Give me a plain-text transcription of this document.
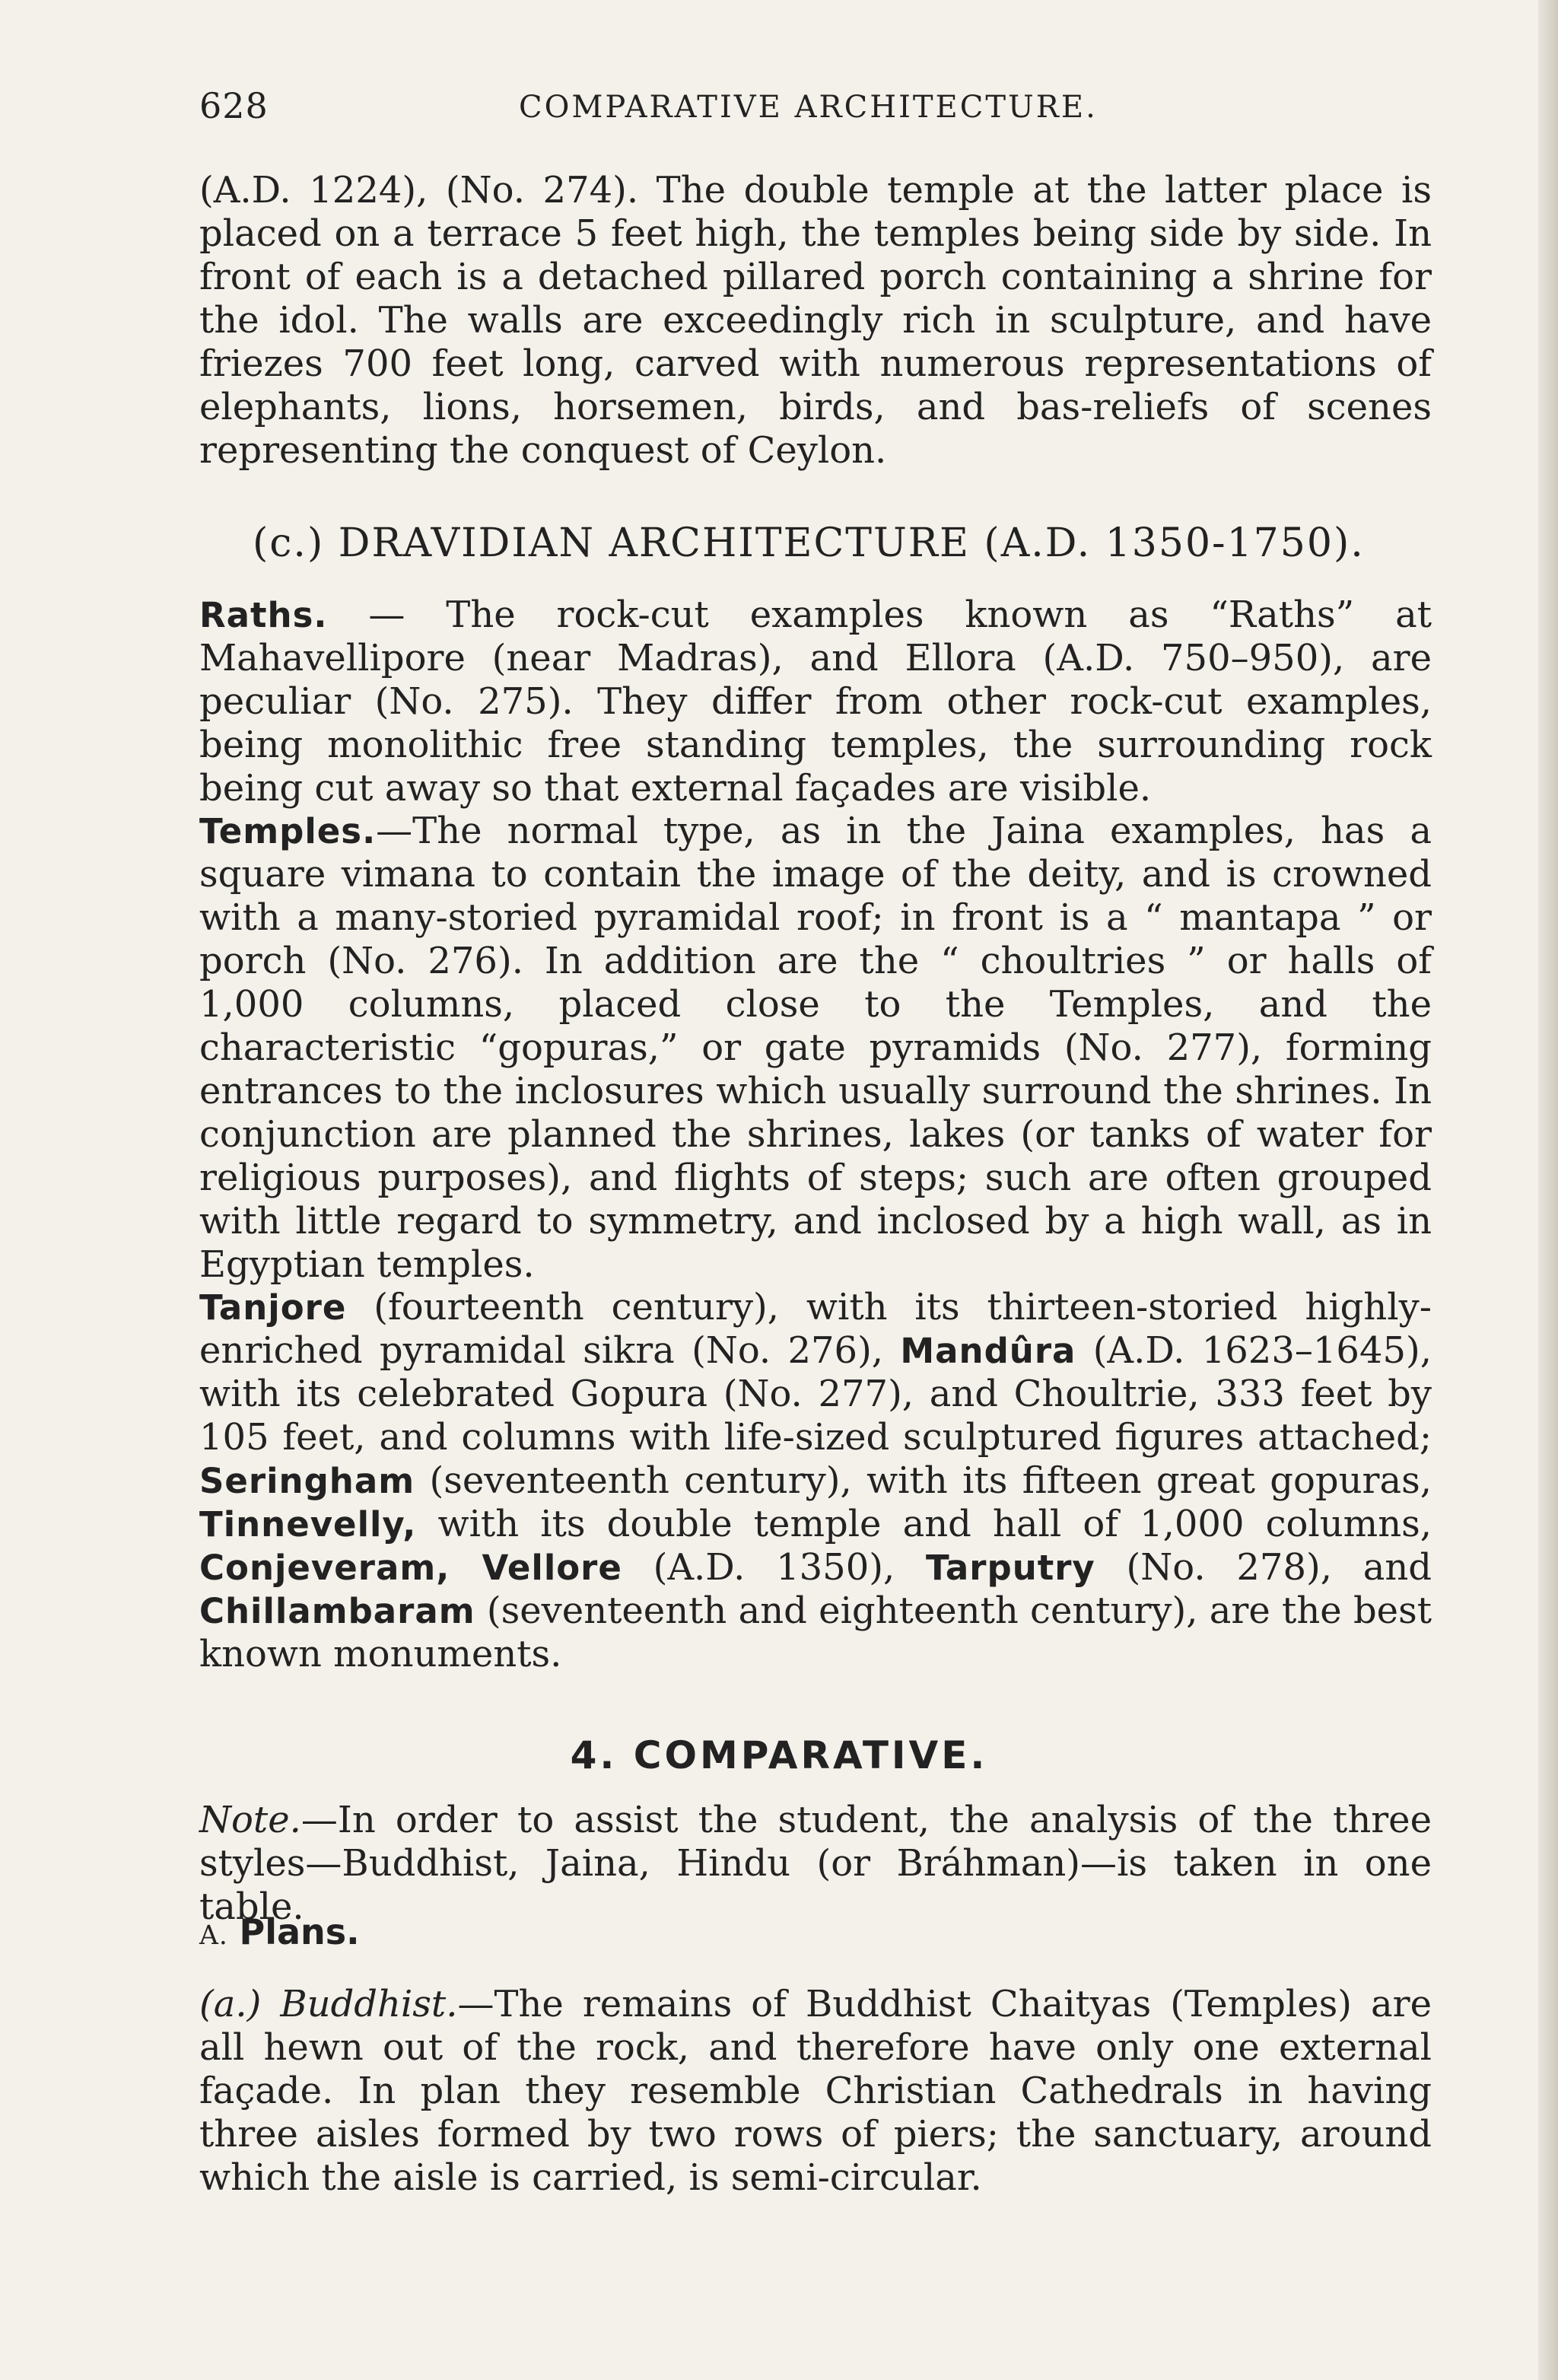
628	COMPARATIVE ARCHITECTURE.

(A.D. 1224), (No. 274). The double temple at the latter place is placed on a terrace 5 feet high, the temples being side by side. In front of each is a detached pillared porch containing a shrine for the idol. The walls are exceedingly rich in sculpture, and have friezes 700 feet long, carved with numerous representations of elephants, lions, horsemen, birds, and bas-reliefs of scenes representing the conquest of Ceylon.

(c.) DRAVIDIAN ARCHITECTURE (A.D. 1350-1750).

Raths. — The rock-cut examples known as “Raths” at Mahavellipore (near Madras), and Ellora (A.D. 750–950), are peculiar (No. 275). They differ from other rock-cut examples, being monolithic free standing temples, the surrounding rock being cut away so that external façades are visible.

Temples.—The normal type, as in the Jaina examples, has a square vimana to contain the image of the deity, and is crowned with a many-storied pyramidal roof; in front is a “ mantapa ” or porch (No. 276). In addition are the “ choultries ” or halls of 1,000 columns, placed close to the Temples, and the characteristic “gopuras,” or gate pyramids (No. 277), forming entrances to the inclosures which usually surround the shrines. In conjunction are planned the shrines, lakes (or tanks of water for religious purposes), and flights of steps; such are often grouped with little regard to symmetry, and inclosed by a high wall, as in Egyptian temples.

Tanjore (fourteenth century), with its thirteen-storied highly-enriched pyramidal sikra (No. 276), Mandûra (A.D. 1623–1645), with its celebrated Gopura (No. 277), and Choultrie, 333 feet by 105 feet, and columns with life-sized sculptured figures attached; Seringham (seventeenth century), with its fifteen great gopuras, Tinnevelly, with its double temple and hall of 1,000 columns, Conjeveram, Vellore (A.D. 1350), Tarputry (No. 278), and Chillambaram (seventeenth and eighteenth century), are the best known monuments.

4. COMPARATIVE.

Note.—In order to assist the student, the analysis of the three styles—Buddhist, Jaina, Hindu (or Bráhman)—is taken in one table.

A. Plans.

(a.) Buddhist.—The remains of Buddhist Chaityas (Temples) are all hewn out of the rock, and therefore have only one external façade. In plan they resemble Christian Cathedrals in having three aisles formed by two rows of piers; the sanctuary, around which the aisle is carried, is semi-circular.
